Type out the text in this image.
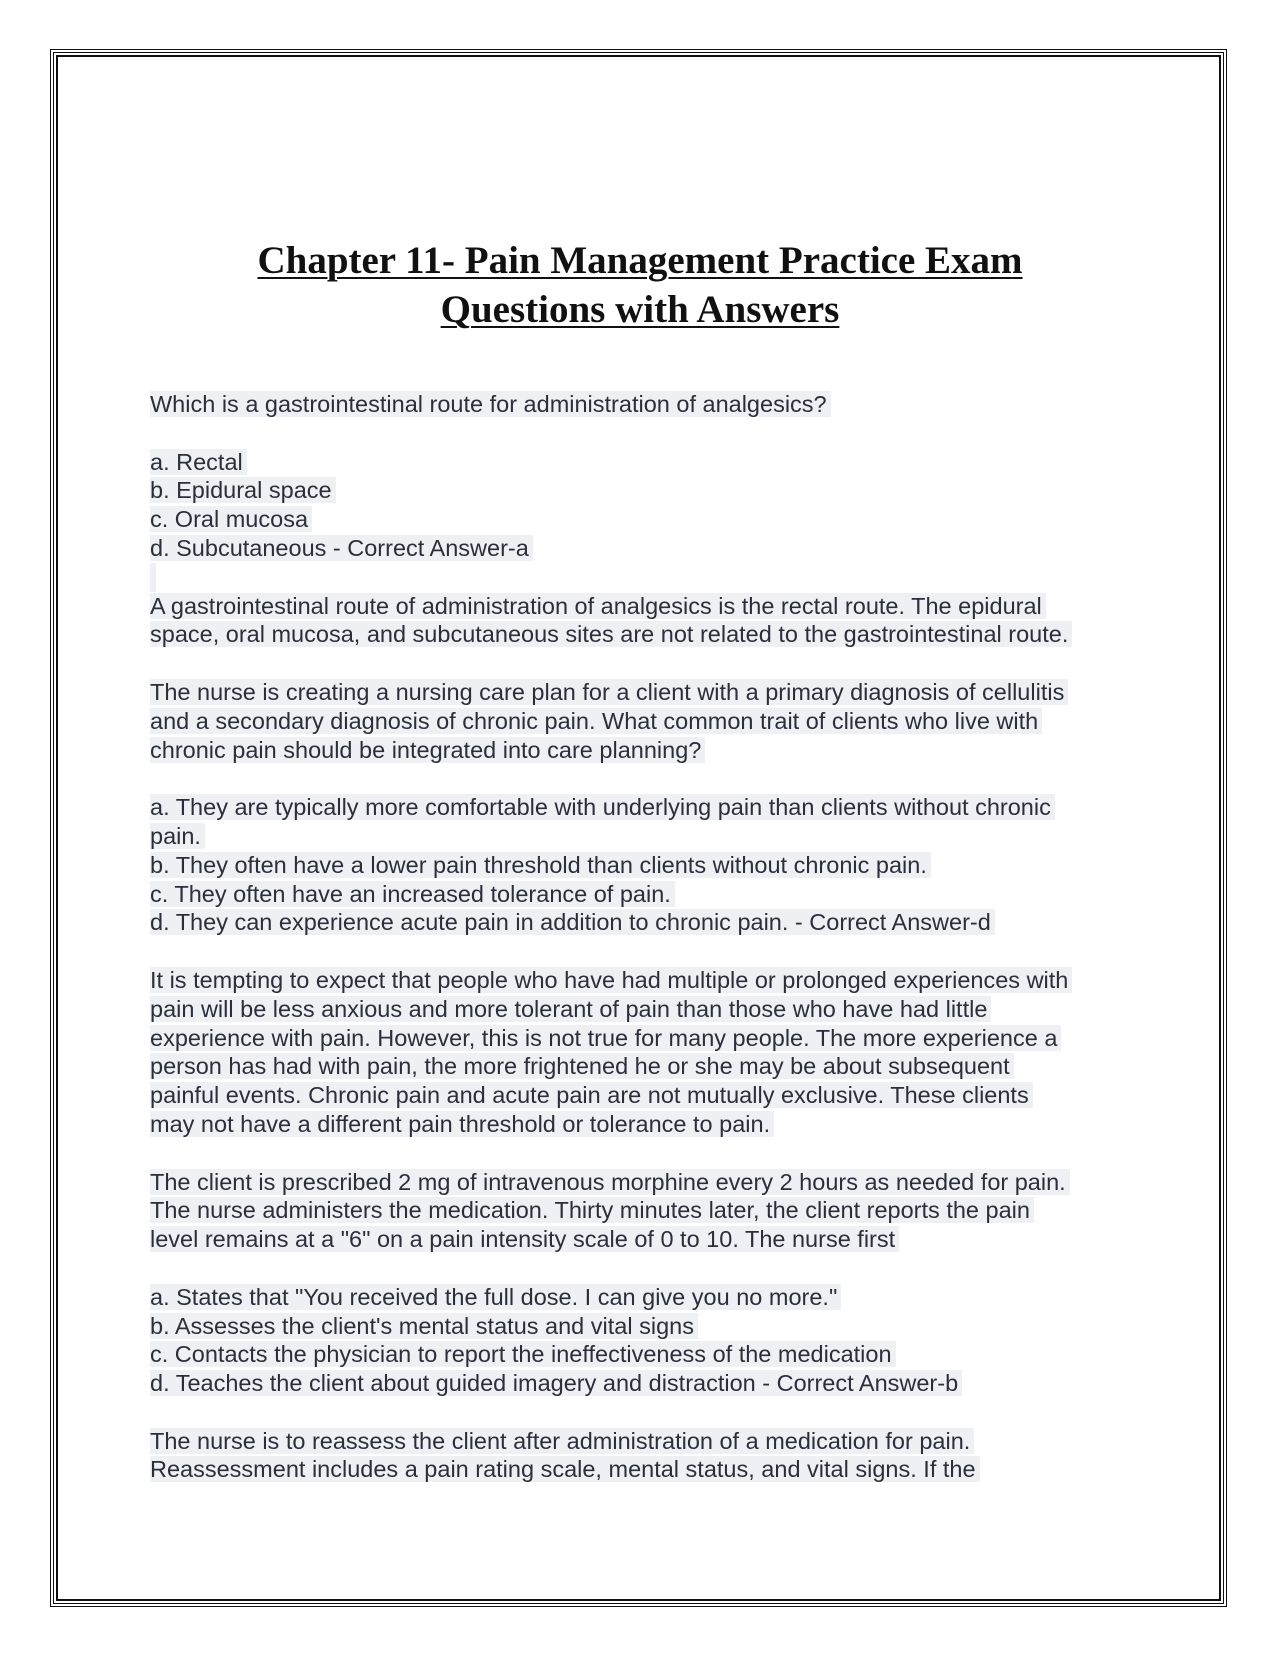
Chapter 11- Pain Management Practice Exam
Questions with Answers
Which is a gastrointestinal route for administration of analgesics?
a. Rectal
b. Epidural space
c. Oral mucosa
d. Subcutaneous - Correct Answer-a
A gastrointestinal route of administration of analgesics is the rectal route. The epidural
space, oral mucosa, and subcutaneous sites are not related to the gastrointestinal route.
The nurse is creating a nursing care plan for a client with a primary diagnosis of cellulitis
and a secondary diagnosis of chronic pain. What common trait of clients who live with
chronic pain should be integrated into care planning?
a. They are typically more comfortable with underlying pain than clients without chronic
pain.
b. They often have a lower pain threshold than clients without chronic pain.
c. They often have an increased tolerance of pain.
d. They can experience acute pain in addition to chronic pain. - Correct Answer-d
It is tempting to expect that people who have had multiple or prolonged experiences with
pain will be less anxious and more tolerant of pain than those who have had little
experience with pain. However, this is not true for many people. The more experience a
person has had with pain, the more frightened he or she may be about subsequent
painful events. Chronic pain and acute pain are not mutually exclusive. These clients
may not have a different pain threshold or tolerance to pain.
The client is prescribed 2 mg of intravenous morphine every 2 hours as needed for pain.
The nurse administers the medication. Thirty minutes later, the client reports the pain
level remains at a "6" on a pain intensity scale of 0 to 10. The nurse first
a. States that "You received the full dose. I can give you no more."
b. Assesses the client's mental status and vital signs
c. Contacts the physician to report the ineffectiveness of the medication
d. Teaches the client about guided imagery and distraction - Correct Answer-b
The nurse is to reassess the client after administration of a medication for pain.
Reassessment includes a pain rating scale, mental status, and vital signs. If the
